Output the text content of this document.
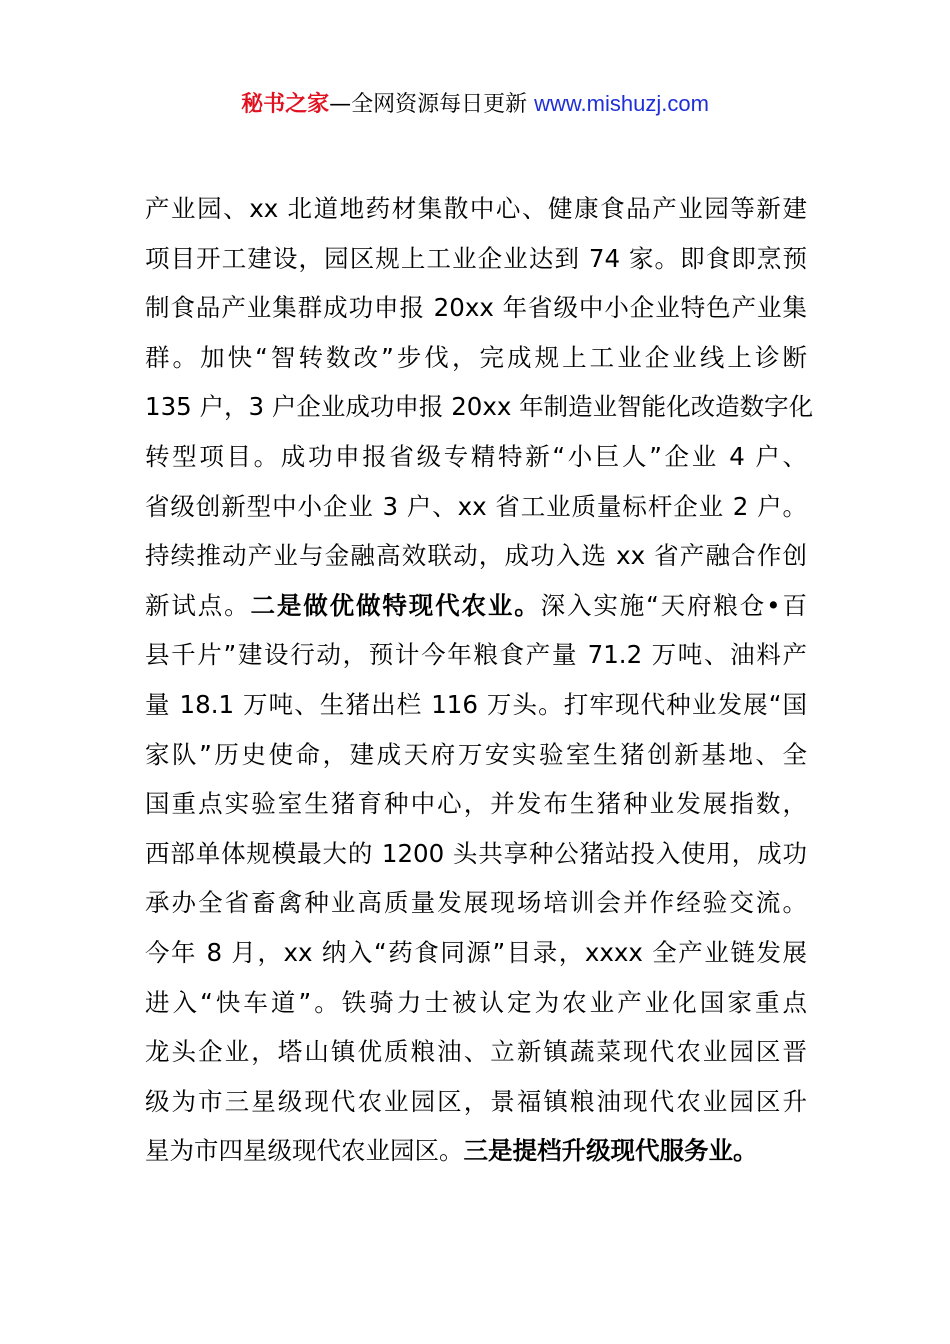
秘书之家—全网资源每日更新 www.mishuzj.com
产业园、xx 北道地药材集散中心、健康食品产业园等新建
项目开工建设，园区规上工业企业达到 74 家。即食即烹预
制食品产业集群成功申报 20xx 年省级中小企业特色产业集
群。加快“智转数改”步伐，完成规上工业企业线上诊断
135 户，3 户企业成功申报 20xx 年制造业智能化改造数字化
转型项目。成功申报省级专精特新“小巨人”企业 4 户、
省级创新型中小企业 3 户、xx 省工业质量标杆企业 2 户。
持续推动产业与金融高效联动，成功入选 xx 省产融合作创
新试点。二是做优做特现代农业。深入实施“天府粮仓•百
县千片”建设行动，预计今年粮食产量 71.2 万吨、油料产
量 18.1 万吨、生猪出栏 116 万头。打牢现代种业发展“国
家队”历史使命，建成天府万安实验室生猪创新基地、全
国重点实验室生猪育种中心，并发布生猪种业发展指数，
西部单体规模最大的 1200 头共享种公猪站投入使用，成功
承办全省畜禽种业高质量发展现场培训会并作经验交流。
今年 8 月，xx 纳入“药食同源”目录，xxxx 全产业链发展
进入“快车道”。铁骑力士被认定为农业产业化国家重点
龙头企业，塔山镇优质粮油、立新镇蔬菜现代农业园区晋
级为市三星级现代农业园区，景福镇粮油现代农业园区升
星为市四星级现代农业园区。三是提档升级现代服务业。
